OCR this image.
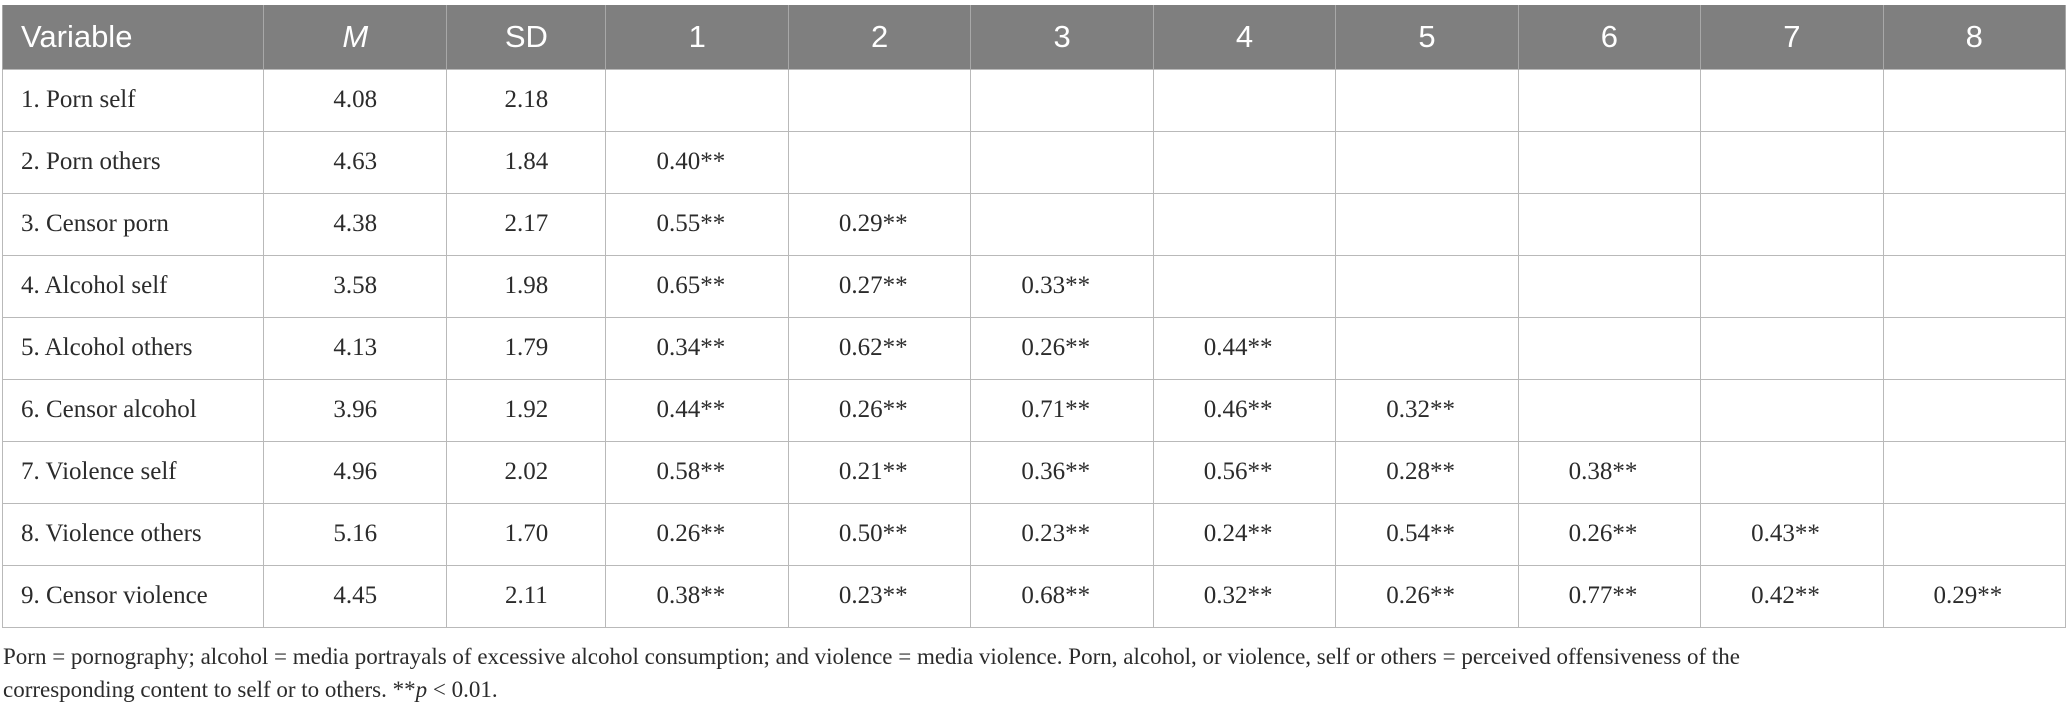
Variable	M	SD	1	2	3	4	5	6	7	8
1. Porn self	4.08	2.18								
2. Porn others	4.63	1.84	0.40**							
3. Censor porn	4.38	2.17	0.55**	0.29**						
4. Alcohol self	3.58	1.98	0.65**	0.27**	0.33**					
5. Alcohol others	4.13	1.79	0.34**	0.62**	0.26**	0.44**				
6. Censor alcohol	3.96	1.92	0.44**	0.26**	0.71**	0.46**	0.32**			
7. Violence self	4.96	2.02	0.58**	0.21**	0.36**	0.56**	0.28**	0.38**		
8. Violence others	5.16	1.70	0.26**	0.50**	0.23**	0.24**	0.54**	0.26**	0.43**	
9. Censor violence	4.45	2.11	0.38**	0.23**	0.68**	0.32**	0.26**	0.77**	0.42**	0.29**
Porn = pornography; alcohol = media portrayals of excessive alcohol consumption; and violence = media violence. Porn, alcohol, or violence, self or others = perceived offensiveness of the
corresponding content to self or to others. **p < 0.01.
